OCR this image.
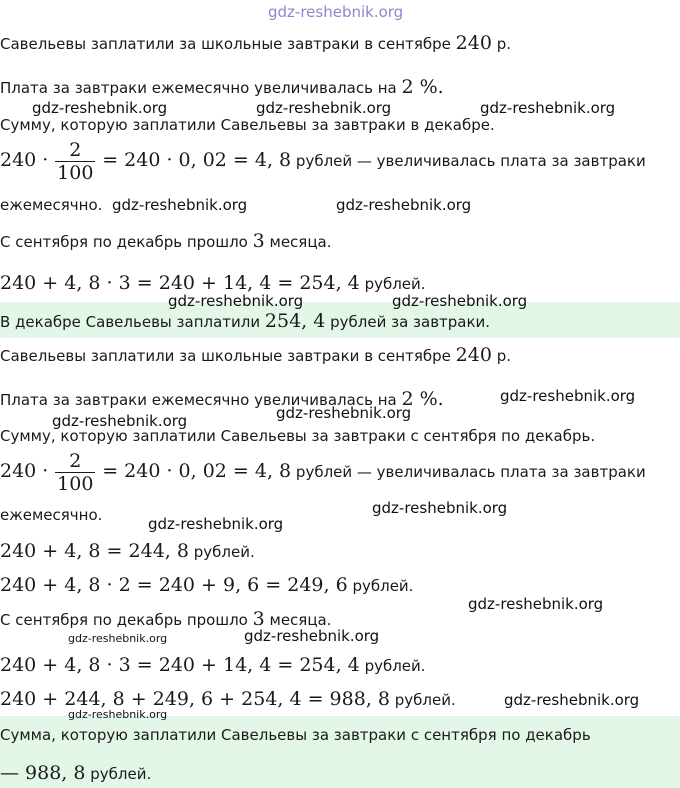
gdz-reshebnik.org
Савельевы заплатили за школьные завтраки в сентябре 240 р.
Плата за завтраки ежемесячно увеличивалась на 2 %.
Сумму, которую заплатили Савельевы за завтраки в декабре.
$240 \cdot \frac{2}{100} = 240 \cdot 0$, 02 = 4, 8 рублей — увеличивалась плата за завтраки
ежемесячно.
С сентября по декабрь прошло 3 месяца.
240 + 4, 8 · 3 = 240 + 14, 4 = 254, 4 рублей.
В декабре Савельевы заплатили 254, 4 рублей за завтраки.
Савельевы заплатили за школьные завтраки в сентябре 240 р.
Плата за завтраки ежемесячно увеличивалась на 2 %.
Сумму, которую заплатили Савельевы за завтраки с сентября по декабрь.
$240 \cdot \frac{2}{100} = 240 \cdot 0$, 02 = 4, 8 рублей — увеличивалась плата за завтраки
ежемесячно.
240 + 4, 8 = 244, 8 рублей.
240 + 4, 8 · 2 = 240 + 9, 6 = 249, 6 рублей.
С сентября по декабрь прошло 3 месяца.
240 + 4, 8 · 3 = 240 + 14, 4 = 254, 4 рублей.
240 + 244, 8 + 249, 6 + 254, 4 = 988, 8 рублей.
Сумма, которую заплатили Савельевы за завтраки с сентября по декабрь
— 988, 8 рублей.
gdz-reshebnik.org	gdz-reshebnik.org	gdz-reshebnik.org
gdz-reshebnik.org	gdz-reshebnik.org
gdz-reshebnik.org	gdz-reshebnik.org
gdz-reshebnik.org
gdz-reshebnik.org
gdz-reshebnik.org
gdz-reshebnik.org
gdz-reshebnik.org
gdz-reshebnik.org
gdz-reshebnik.org
gdz-reshebnik.org
gdz-reshebnik.org
gdz-reshebnik.org
